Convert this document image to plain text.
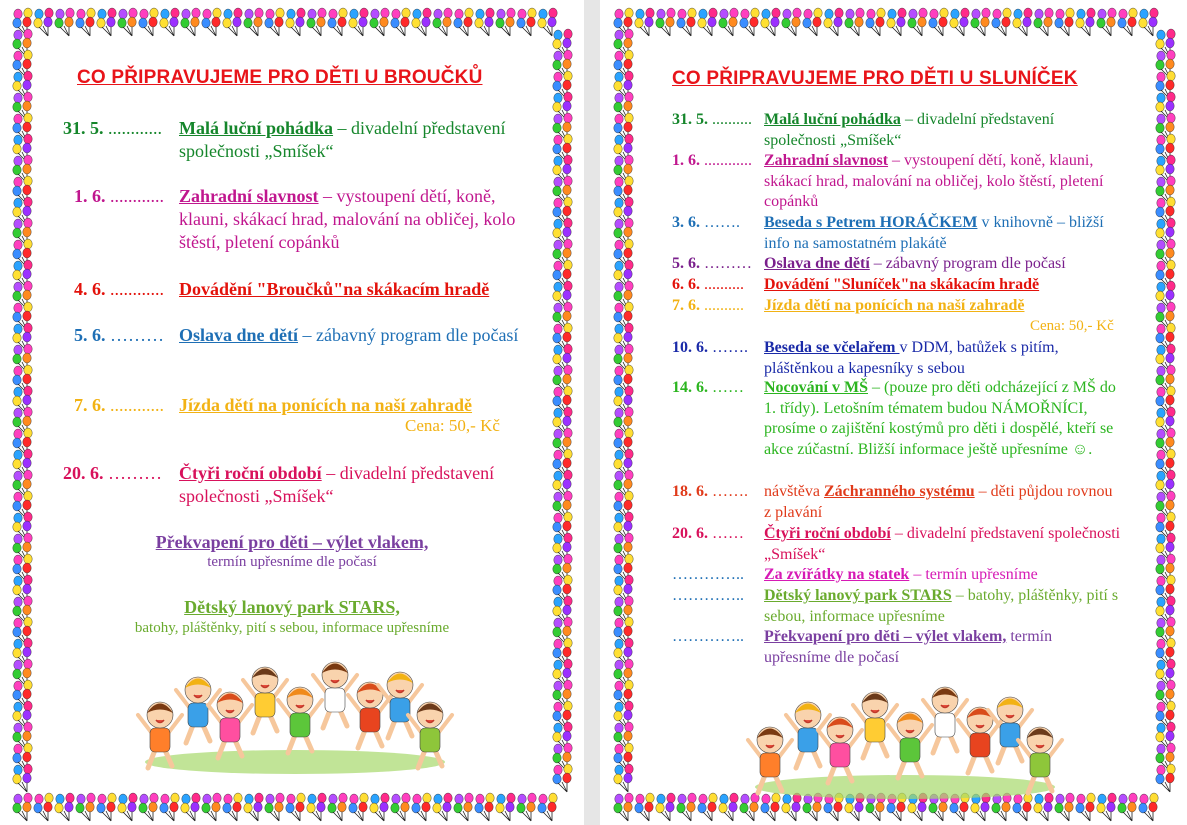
CO PŘIPRAVUJEME PRO DĚTI U BROUČKŮ
31. 5. ............ Malá luční pohádka – divadelní představení společnosti „Smíšek“
1. 6. ............ Zahradní slavnost – vystoupení dětí, koně, klauni, skákací hrad, malování na obličej, kolo štěstí, pletení copánků
4. 6. ............ Dovádění "Broučků"na skákacím hradě
5. 6. ……… Oslava dne dětí – zábavný program dle počasí
7. 6. ............ Jízda dětí na ponících na naší zahradě
20. 6. ……… Čtyři roční období – divadelní představení společnosti „Smíšek“
Cena: 50,- Kč
Překvapení pro děti – výlet vlakem,
termín upřesníme dle počasí
Dětský lanový park STARS,
batohy, pláštěnky, pití s sebou, informace upřesníme
CO PŘIPRAVUJEME PRO DĚTI U SLUNÍČEK
31. 5. .......... Malá luční pohádka – divadelní představení společnosti „Smíšek“
1. 6. ............ Zahradní slavnost – vystoupení dětí, koně, klauni, skákací hrad, malování na obličej, kolo štěstí, pletení copánků
3. 6. ……. Beseda s Petrem HORÁČKEM v knihovně – bližší info na samostatném plakátě
5. 6. ……… Oslava dne dětí – zábavný program dle počasí
6. 6. .......... Dovádění "Sluníček"na skákacím hradě
7. 6. .......... Jízda dětí na ponících na naší zahradě
10. 6. ……. Beseda se včelařem v DDM, batůžek s pitím, pláštěnkou a kapesníky s sebou
14. 6. …… Nocování v MŠ – (pouze pro děti odcházející z MŠ do 1. třídy). Letošním tématem budou NÁMOŘNÍCI, prosíme o zajištění kostýmů pro děti i dospělé, kteří se akce zúčastní. Bližší informace ještě upřesníme ☺.
18. 6. ……. návštěva Záchranného systému – děti půjdou rovnou z plavání
20. 6. …… Čtyři roční období – divadelní představení společnosti „Smíšek“
………….. Za zvířátky na statek – termín upřesníme
………….. Dětský lanový park STARS – batohy, pláštěnky, pití s sebou, informace upřesníme
………….. Překvapení pro děti – výlet vlakem, termín upřesníme dle počasí
Cena: 50,- Kč
